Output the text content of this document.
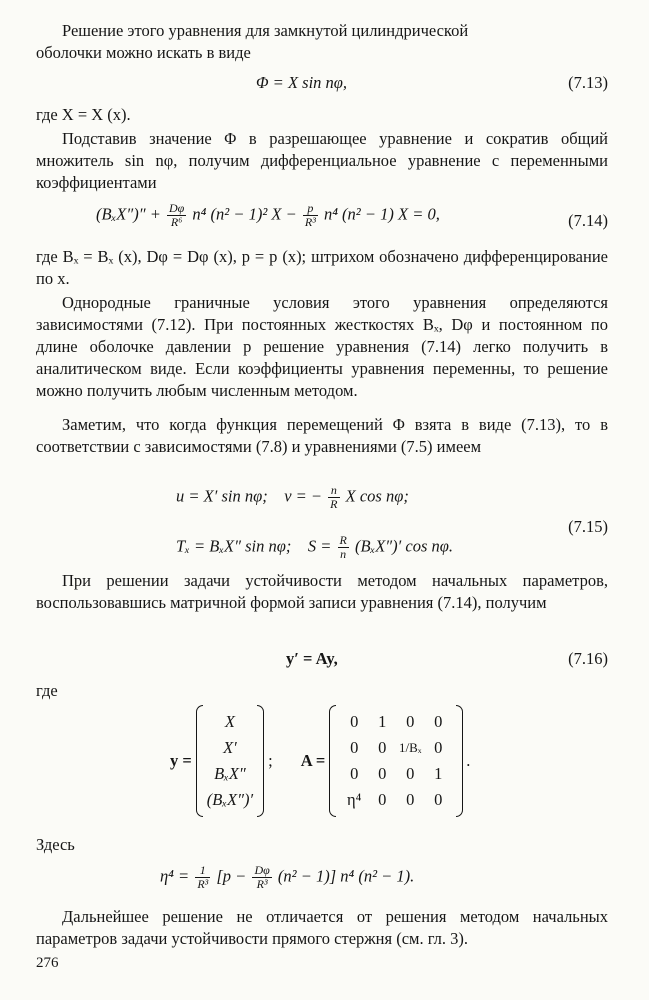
Решение этого уравнения для замкнутой цилиндрической

оболочки можно искать в виде

Φ = X sin nφ,	(7.13)

где X = X (x).

Подставив значение Φ в разрешающее уравнение и сократив общий множитель sin nφ, получим дифференциальное уравнение с переменными коэффициентами

$(B_xX'')'' + \frac{D\varphi}{\text{R⁶}} n^4$ (n² − 1)² $X - \frac{p}{\text{R³}} n^4$ (n² − 1) X = 0,	(7.14)

где Bₓ = Bₓ (x), Dφ = Dφ (x), p = p (x); штрихом обозначено дифференцирование по x.

Однородные граничные условия этого уравнения определяются зависимостями (7.12). При постоянных жесткостях Bₓ, Dφ и постоянном по длине оболочке давлении p решение уравнения (7.14) легко получить в аналитическом виде. Если коэффициенты уравнения переменны, то решение можно получить любым численным методом.

Заметим, что когда функция перемещений Φ взята в виде (7.13), то в соответствии с зависимостями (7.8) и уравнениями (7.5) имеем

u = X′ sin nφ; v = − $\frac{n}{R}$ X cos nφ;
(7.15)
Tₓ = BₓX″ sin nφ; $S = \frac{R}{n} (B_xX'')'$ cos nφ.

При решении задачи устойчивости методом начальных параметров, воспользовавшись матричной формой записи уравнения (7.14), получим

y′ = Ay,	(7.16)

где

y =
X
X′
BₓX″
(BₓX″)′
; A =
0	1	0	0
0	0 1/Bₓ 0
0	0	0	1
η⁴	0	0	0
.

Здесь

$\eta^4 = \frac{1}{\text{R³}} [p - \frac{D\varphi}{\text{R³}} (n^2 - 1)]$ n⁴ (n² − 1).

Дальнейшее решение не отличается от решения методом начальных параметров задачи устойчивости прямого стержня (см. гл. 3).

276
